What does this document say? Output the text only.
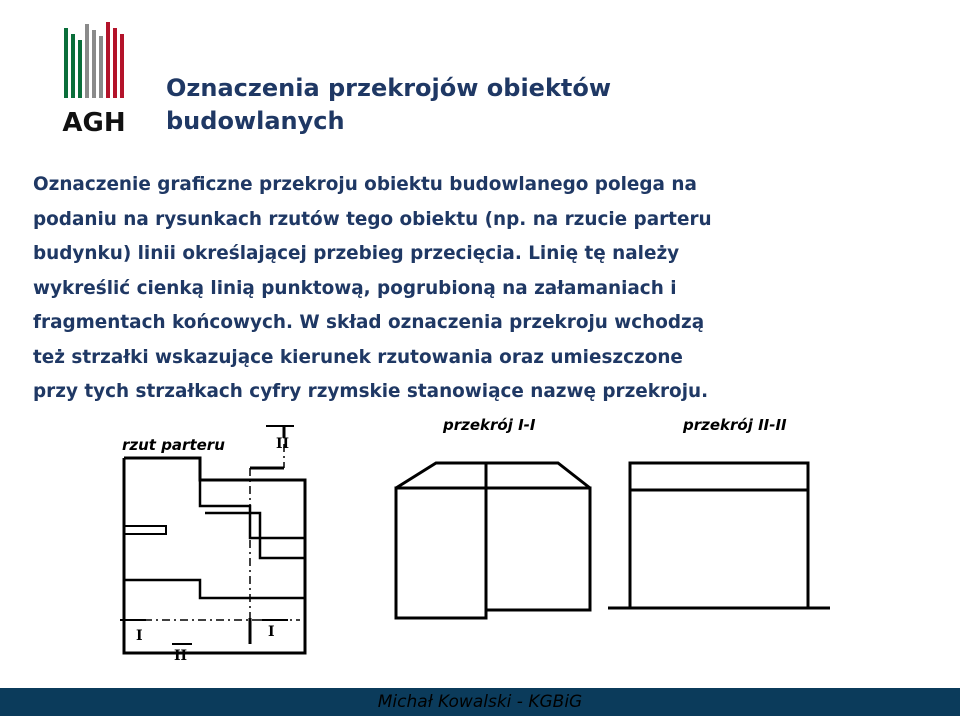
AGH
Oznaczenia przekrojów obiektów
budowlanych

Oznaczenie graficzne przekroju obiektu budowlanego polega na
podaniu na rysunkach rzutów tego obiektu (np. na rzucie parteru
budynku) linii określającej przebieg przecięcia. Linię tę należy
wykreślić cienką linią punktową, pogrubioną na załamaniach i
fragmentach końcowych. W skład oznaczenia przekroju wchodzą
też strzałki wskazujące kierunek rzutowania oraz umieszczone
przy tych strzałkach cyfry rzymskie stanowiące nazwę przekroju.

rzut parteru	II
II
I	I
przekrój I-I	przekrój II-II
Michał Kowalski - KGBiG
